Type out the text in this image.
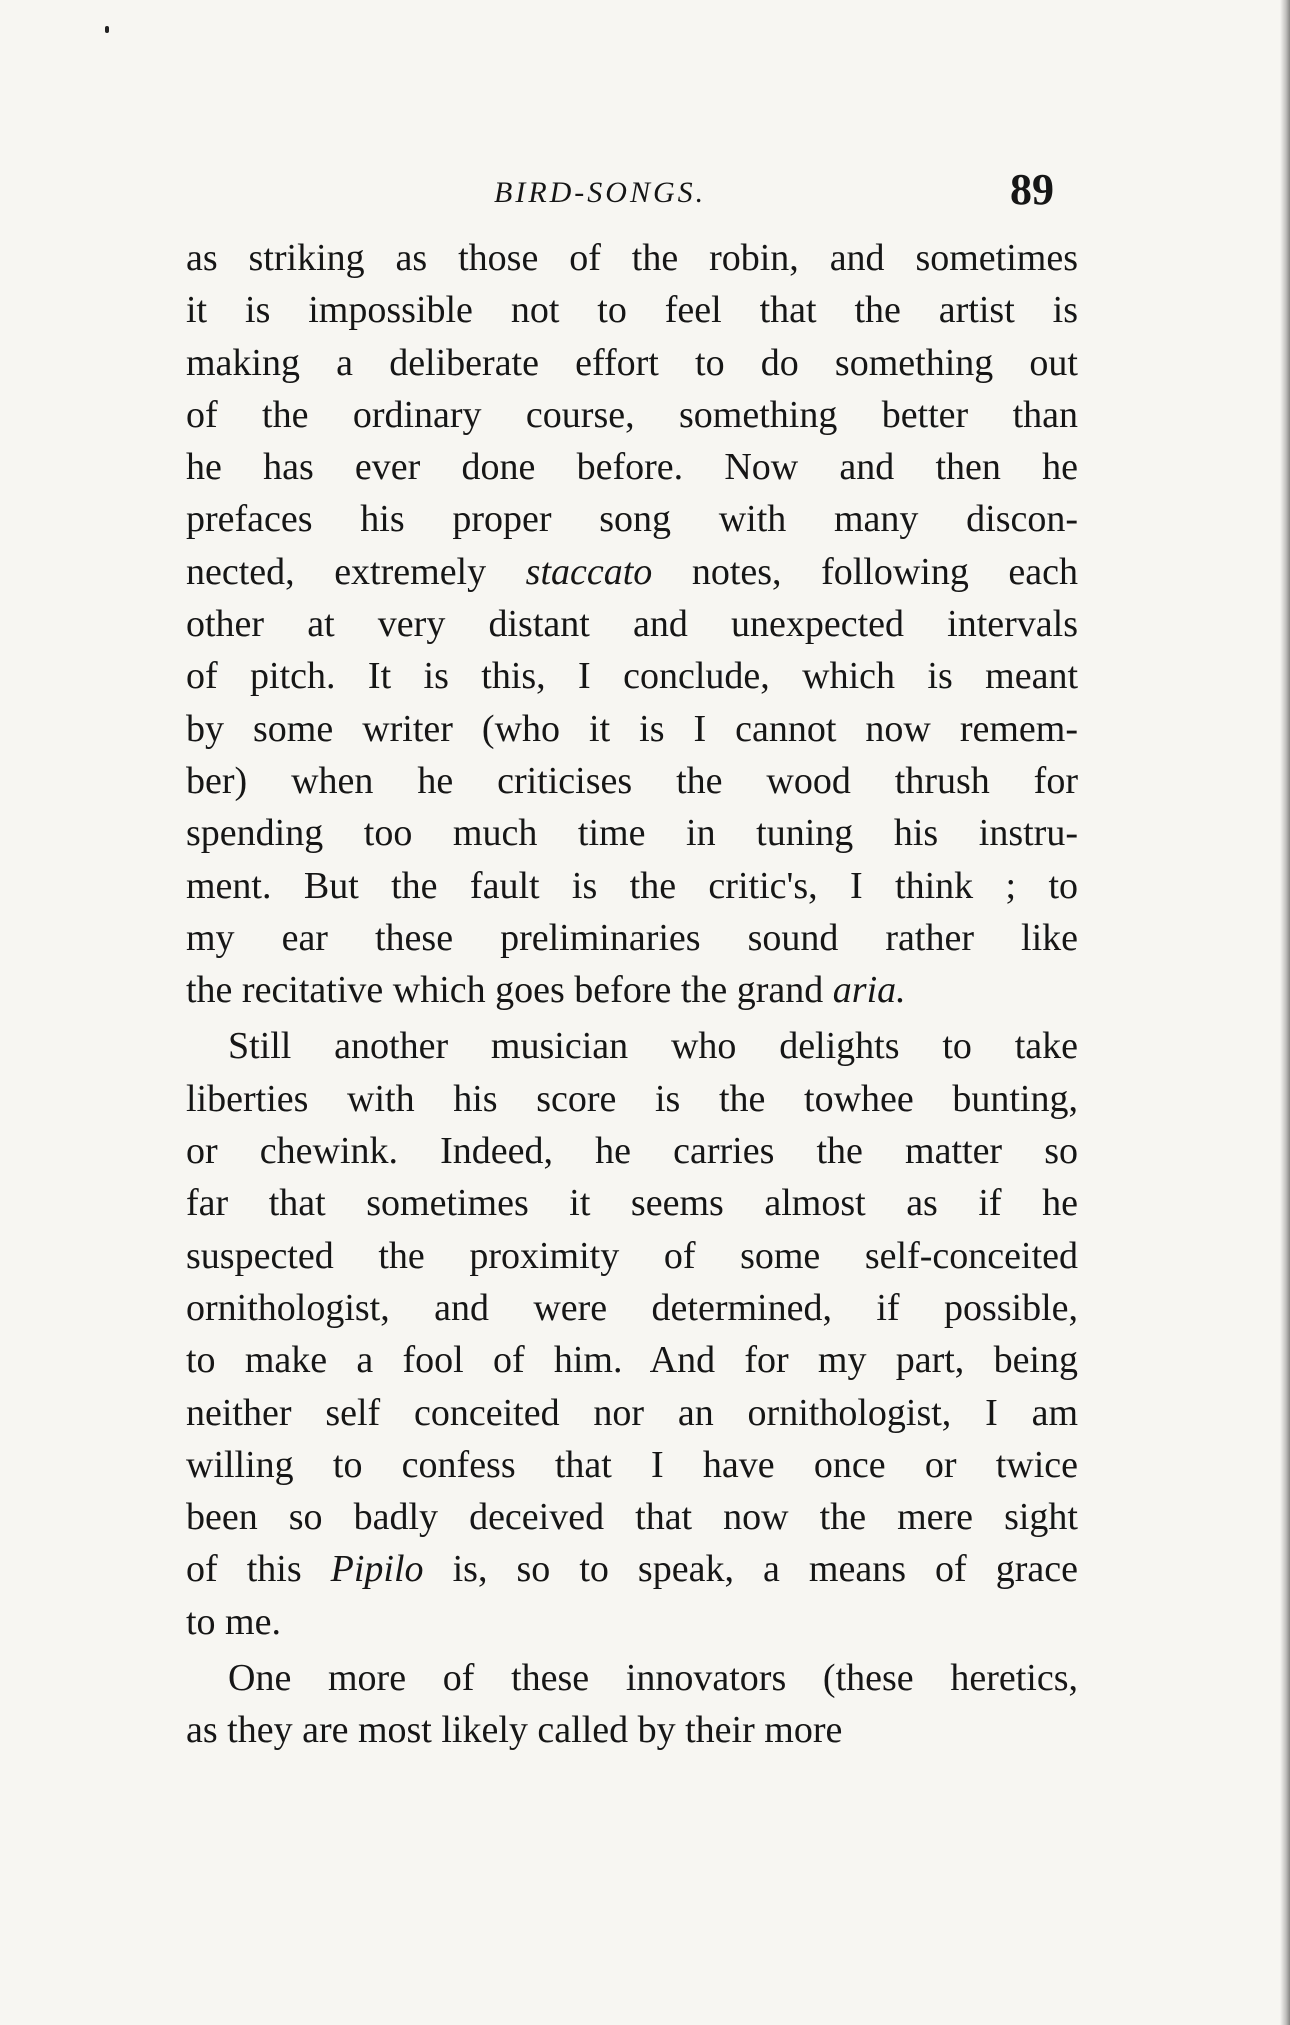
BIRD-SONGS.	89
as striking as those of the robin, and sometimes
it is impossible not to feel that the artist is
making a deliberate effort to do something out
of the ordinary course, something better than
he has ever done before. Now and then he
prefaces his proper song with many discon-
nected, extremely staccato notes, following each
other at very distant and unexpected intervals
of pitch. It is this, I conclude, which is meant
by some writer (who it is I cannot now remem-
ber) when he criticises the wood thrush for
spending too much time in tuning his instru-
ment. But the fault is the critic's, I think ; to
my ear these preliminaries sound rather like
the recitative which goes before the grand aria.
Still another musician who delights to take
liberties with his score is the towhee bunting,
or chewink. Indeed, he carries the matter so
far that sometimes it seems almost as if he
suspected the proximity of some self-conceited
ornithologist, and were determined, if possible,
to make a fool of him. And for my part, being
neither self conceited nor an ornithologist, I am
willing to confess that I have once or twice
been so badly deceived that now the mere sight
of this Pipilo is, so to speak, a means of grace
to me.
One more of these innovators (these heretics,
as they are most likely called by their more
